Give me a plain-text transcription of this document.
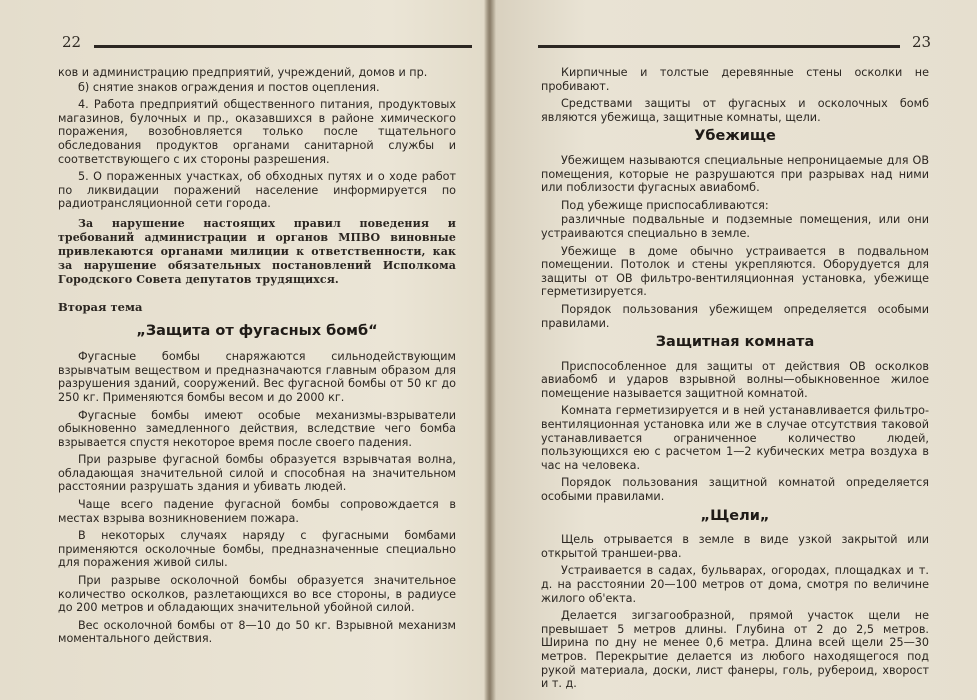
22

ков и администрацию предприятий, учреждений, домов и пр.

б) снятие знаков ограждения и постов оцепления.

4. Работа предприятий общественного питания, продуктовых магазинов, булочных и пр., оказавшихся в районе химического поражения, возобновляется только после тщательного обследования продуктов органами санитарной службы и соответствующего с их стороны разрешения.

5. О пораженных участках, об обходных путях и о ходе работ по ликвидации поражений население информируется по радиотрансляционной сети города.

За нарушение настоящих правил поведения и требований администрации и органов МПВО виновные привлекаются органами милиции к ответственности, как за нарушение обязательных постановлений Исполкома Городского Совета депутатов трудящихся.

Вторая тема
„Защита от фугасных бомб“

Фугасные бомбы снаряжаются сильнодействующим взрывчатым веществом и предназначаются главным образом для разрушения зданий, сооружений. Вес фугасной бомбы от 50 кг до 250 кг. Применяются бомбы весом и до 2000 кг.

Фугасные бомбы имеют особые механизмы-взрыватели обыкновенно замедленного действия, вследствие чего бомба взрывается спустя некоторое время после своего падения.

При разрыве фугасной бомбы образуется взрывчатая волна, обладающая значительной силой и способная на значительном расстоянии разрушать здания и убивать людей.

Чаще всего падение фугасной бомбы сопровождается в местах взрыва возникновением пожара.

В некоторых случаях наряду с фугасными бомбами применяются осколочные бомбы, предназначенные специально для поражения живой силы.

При разрыве осколочной бомбы образуется значительное количество осколков, разлетающихся во все стороны, в радиусе до 200 метров и обладающих значительной убойной силой.

Вес осколочной бомбы от 8—10 до 50 кг. Взрывной механизм моментального действия.

23

Кирпичные и толстые деревянные стены осколки не пробивают.

Средствами защиты от фугасных и осколочных бомб являются убежища, защитные комнаты, щели.

Убежище

Убежищем называются специальные непроницаемые для ОВ помещения, которые не разрушаются при разрывах над ними или поблизости фугасных авиабомб.

Под убежище приспосабливаются:

различные подвальные и подземные помещения, или они устраиваются специально в земле.

Убежище в доме обычно устраивается в подвальном помещении. Потолок и стены укрепляются. Оборудуется для защиты от ОВ фильтро-вентиляционная установка, убежище герметизируется.

Порядок пользования убежищем определяется особыми правилами.

Защитная комната

Приспособленное для защиты от действия ОВ осколков авиабомб и ударов взрывной волны—обыкновенное жилое помещение называется защитной комнатой.

Комната герметизируется и в ней устанавливается фильтро-вентиляционная установка или же в случае отсутствия таковой устанавливается ограниченное количество людей, пользующихся ею с расчетом 1—2 кубических метра воздуха в час на человека.

Порядок пользования защитной комнатой определяется особыми правилами.

„Щели„

Щель отрывается в земле в виде узкой закрытой или открытой траншеи-рва.

Устраивается в садах, бульварах, огородах, площадках и т. д. на расстоянии 20—100 метров от дома, смотря по величине жилого об'екта.

Делается зигзагообразной, прямой участок щели не превышает 5 метров длины. Глубина от 2 до 2,5 метров. Ширина по дну не менее 0,6 метра. Длина всей щели 25—30 метров. Перекрытие делается из любого находящегося под рукой материала, доски, лист фанеры, голь, рубероид, хворост и т. д.
